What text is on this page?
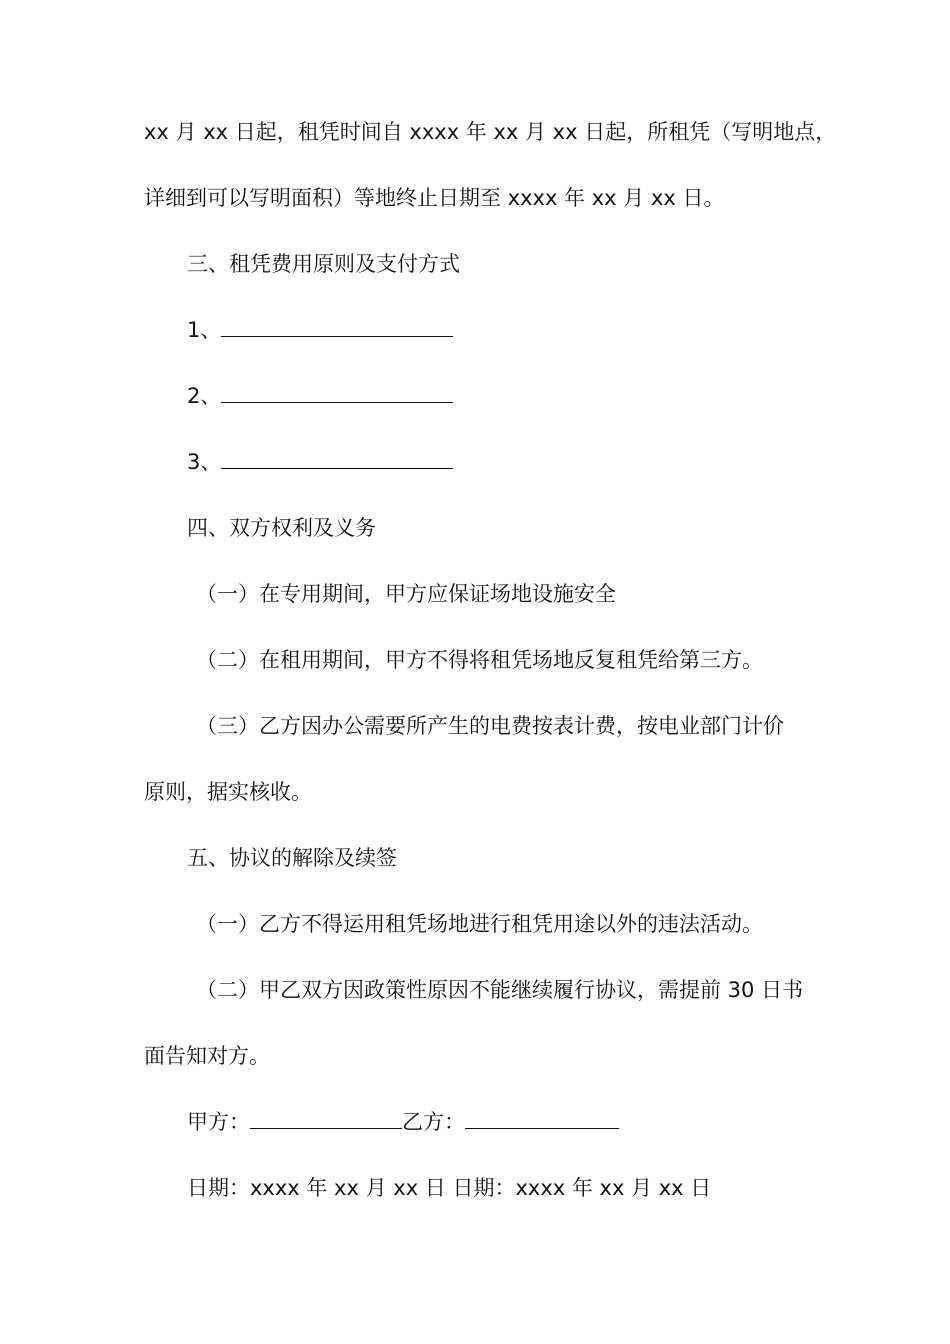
xx 月 xx 日起，租凭时间自 xxxx 年 xx 月 xx 日起，所租凭（写明地点，
详细到可以写明面积）等地终止日期至 xxxx 年 xx 月 xx 日。
三、租凭费用原则及支付方式
1、
2、
3、
四、双方权利及义务
（一）在专用期间，甲方应保证场地设施安全
（二）在租用期间，甲方不得将租凭场地反复租凭给第三方。
（三）乙方因办公需要所产生的电费按表计费，按电业部门计价
原则，据实核收。
五、协议的解除及续签
（一）乙方不得运用租凭场地进行租凭用途以外的违法活动。
（二）甲乙双方因政策性原因不能继续履行协议，需提前 30 日书
面告知对方。
甲方：	乙方：
日期：xxxx 年 xx 月 xx 日 日期：xxxx 年 xx 月 xx 日
